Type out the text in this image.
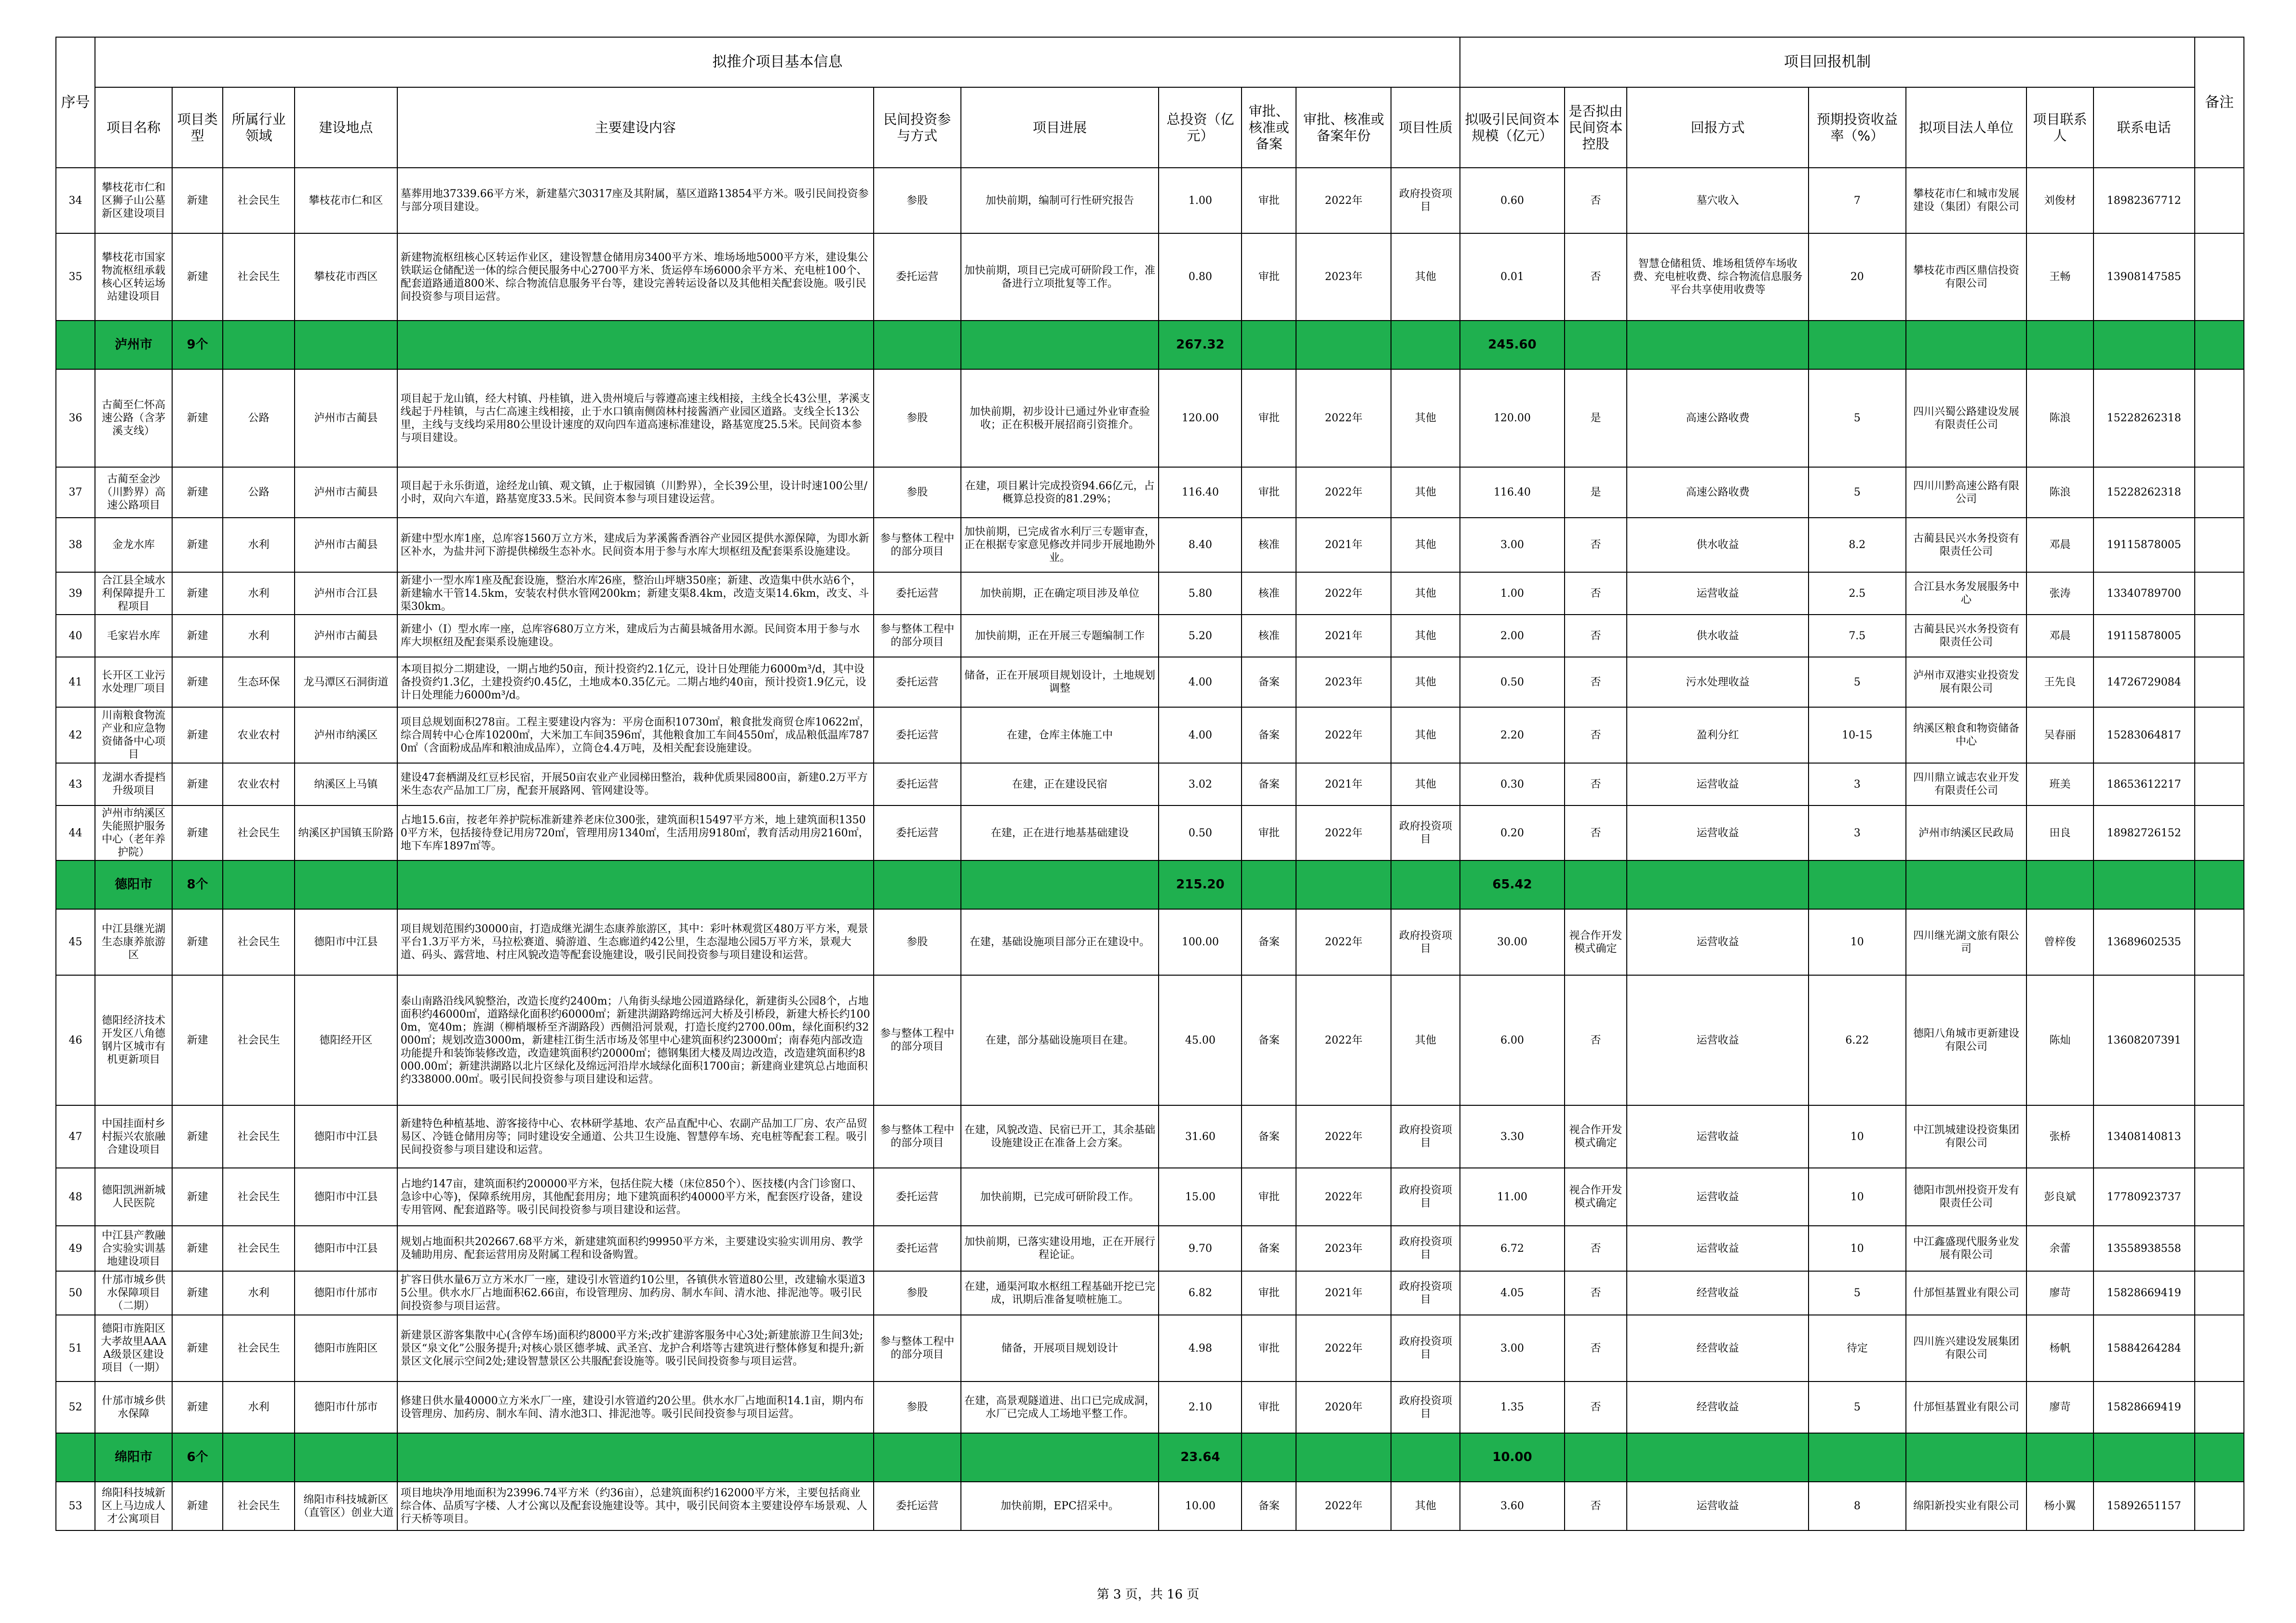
序号	拟推介项目基本信息											项目回报机制							备注
	项目名称	项目类型	所属行业领域	建设地点	主要建设内容	民间投资参与方式	项目进展	总投资（亿元）	审批、核准或备案	审批、核准或备案年份	项目性质	拟吸引民间资本规模（亿元）	是否拟由民间资本控股	回报方式	预期投资收益率（%）	拟项目法人单位	项目联系人	联系电话	
34	攀枝花市仁和区狮子山公墓新区建设项目	新建	社会民生	攀枝花市仁和区	墓葬用地37339.66平方米，新建墓穴30317座及其附属，墓区道路13854平方米。吸引民间投资参与部分项目建设。	参股	加快前期，编制可行性研究报告	1.00	审批	2022年	政府投资项目	0.60	否	墓穴收入	7	攀枝花市仁和城市发展建设（集团）有限公司	刘俊材	18982367712	
35	攀枝花市国家物流枢纽承载核心区转运场站建设项目	新建	社会民生	攀枝花市西区	新建物流枢纽核心区转运作业区，建设智慧仓储用房3400平方米、堆场场地5000平方米，建设集公铁联运仓储配送一体的综合便民服务中心2700平方米、货运停车场6000余平方米、充电桩100个、配套道路通道800米、综合物流信息服务平台等，建设完善转运设备以及其他相关配套设施。吸引民间投资参与项目运营。	委托运营	加快前期，项目已完成可研阶段工作，准备进行立项批复等工作。	0.80	审批	2023年	其他	0.01	否	智慧仓储租赁、堆场租赁停车场收费、充电桩收费、综合物流信息服务平台共享使用收费等	20	攀枝花市西区鼎信投资有限公司	王畅	13908147585	
	泸州市	9个						267.32				245.60							
36	古蔺至仁怀高速公路（含茅溪支线）	新建	公路	泸州市古蔺县	项目起于龙山镇，经大村镇、丹桂镇，进入贵州境后与蓉遵高速主线相接，主线全长43公里，茅溪支线起于丹桂镇，与古仁高速主线相接，止于水口镇南侧茵林村接酱酒产业园区道路。支线全长13公里，主线与支线均采用80公里设计速度的双向四车道高速标准建设，路基宽度25.5米。民间资本参与项目建设。	参股	加快前期，初步设计已通过外业审查验收；正在积极开展招商引资推介。	120.00	审批	2022年	其他	120.00	是	高速公路收费	5	四川兴蜀公路建设发展有限责任公司	陈浪	15228262318	
37	古蔺至金沙（川黔界）高速公路项目	新建	公路	泸州市古蔺县	项目起于永乐街道，途经龙山镇、观文镇，止于椒园镇（川黔界），全长39公里，设计时速100公里/小时，双向六车道，路基宽度33.5米。民间资本参与项目建设运营。	参股	在建，项目累计完成投资94.66亿元，占概算总投资的81.29%；	116.40	审批	2022年	其他	116.40	是	高速公路收费	5	四川川黔高速公路有限公司	陈浪	15228262318	
38	金龙水库	新建	水利	泸州市古蔺县	新建中型水库1座，总库容1560万立方米，建成后为茅溪酱香酒谷产业园区提供水源保障，为即水新区补水，为盐井河下游提供梯级生态补水。民间资本用于参与水库大坝枢纽及配套渠系设施建设。	参与整体工程中的部分项目	加快前期，已完成省水利厅三专题审查，正在根据专家意见修改并同步开展地勘外业。	8.40	核准	2021年	其他	3.00	否	供水收益	8.2	古蔺县民兴水务投资有限责任公司	邓晨	19115878005	
39	合江县全域水利保障提升工程项目	新建	水利	泸州市合江县	新建小一型水库1座及配套设施，整治水库26座，整治山坪塘350座；新建、改造集中供水站6个，新建输水干管14.5km，安装农村供水管网200km；新建支渠8.4km，改造支渠14.6km，改支、斗渠30km。	委托运营	加快前期，正在确定项目涉及单位	5.80	核准	2022年	其他	1.00	否	运营收益	2.5	合江县水务发展服务中心	张涛	13340789700	
40	毛家岩水库	新建	水利	泸州市古蔺县	新建小（Ⅰ）型水库一座，总库容680万立方米，建成后为古蔺县城备用水源。民间资本用于参与水库大坝枢纽及配套渠系设施建设。	参与整体工程中的部分项目	加快前期，正在开展三专题编制工作	5.20	核准	2021年	其他	2.00	否	供水收益	7.5	古蔺县民兴水务投资有限责任公司	邓晨	19115878005	
41	长开区工业污水处理厂项目	新建	生态环保	龙马潭区石洞街道	本项目拟分二期建设，一期占地约50亩，预计投资约2.1亿元，设计日处理能力6000m³/d，其中设备投资约1.3亿，土建投资约0.45亿，土地成本0.35亿元。二期占地约40亩，预计投资1.9亿元，设计日处理能力6000m³/d。	委托运营	储备，正在开展项目规划设计，土地规划调整	4.00	备案	2023年	其他	0.50	否	污水处理收益	5	泸州市双港实业投资发展有限公司	王先良	14726729084	
42	川南粮食物流产业和应急物资储备中心项目	新建	农业农村	泸州市纳溪区	项目总规划面积278亩。工程主要建设内容为：平房仓面积10730㎡，粮食批发商贸仓库10622㎡，综合周转中心仓库10200㎡，大米加工车间3596㎡，其他粮食加工车间4550㎡，成品粮低温库7870㎡（含面粉成品库和粮油成品库），立筒仓4.4万吨，及相关配套设施建设。	委托运营	在建，仓库主体施工中	4.00	备案	2022年	其他	2.20	否	盈利分红	10-15	纳溪区粮食和物资储备中心	吴春丽	15283064817	
43	龙湖水香提档升级项目	新建	农业农村	纳溪区上马镇	建设47套栖湖及红豆杉民宿，开展50亩农业产业园梯田整治，栽种优质果园800亩，新建0.2万平方米生态农产品加工厂房，配套开展路网、管网建设等。	委托运营	在建，正在建设民宿	3.02	备案	2021年	其他	0.30	否	运营收益	3	四川鼎立诚志农业开发有限责任公司	班美	18653612217	
44	泸州市纳溪区失能照护服务中心（老年养护院）	新建	社会民生	纳溪区护国镇玉阶路	占地15.6亩，按老年养护院标准新建养老床位300张，建筑面积15497平方米，地上建筑面积13500平方米，包括接待登记用房720㎡，管理用房1340㎡，生活用房9180㎡，教育活动用房2160㎡，地下车库1897㎡等。	委托运营	在建，正在进行地基基础建设	0.50	审批	2022年	政府投资项目	0.20	否	运营收益	3	泸州市纳溪区民政局	田良	18982726152	
	德阳市	8个						215.20				65.42							
45	中江县继光湖生态康养旅游区	新建	社会民生	德阳市中江县	项目规划范围约30000亩，打造成继光湖生态康养旅游区，其中：彩叶林观赏区480万平方米，观景平台1.3万平方米，马拉松赛道、骑游道、生态廊道约42公里，生态湿地公园5万平方米，景观大道、码头、露营地、村庄风貌改造等配套设施建设，吸引民间投资参与项目建设和运营。	参股	在建，基础设施项目部分正在建设中。	100.00	备案	2022年	政府投资项目	30.00	视合作开发模式确定	运营收益	10	四川继光湖文旅有限公司	曾梓俊	13689602535	
46	德阳经济技术开发区八角德钢片区城市有机更新项目	新建	社会民生	德阳经开区	泰山南路沿线风貌整治，改造长度约2400m；八角街头绿地公园道路绿化，新建街头公园8个，占地面积约46000㎡，道路绿化面积约60000㎡；新建洪湖路跨绵远河大桥及引桥段，新建大桥长约1000m，宽40m；旌湖（柳梢堰桥至齐湖路段）西侧沿河景观，打造长度约2700.00m，绿化面积约32000㎡；规划改造3000m，新建桂江街生活市场及邻里中心建筑面积约23000㎡；南春苑内部改造功能提升和装饰装修改造，改造建筑面积约20000㎡；德钢集团大楼及周边改造，改造建筑面积约8000.00㎡；新建洪湖路以北片区绿化及绵远河沿岸水域绿化面积1700亩；新建商业建筑总占地面积约338000.00㎡。吸引民间投资参与项目建设和运营。	参与整体工程中的部分项目	在建，部分基础设施项目在建。	45.00	备案	2022年	其他	6.00	否	运营收益	6.22	德阳八角城市更新建设有限公司	陈灿	13608207391	
47	中国挂面村乡村振兴农旅融合建设项目	新建	社会民生	德阳市中江县	新建特色种植基地、游客接待中心、农林研学基地、农产品直配中心、农副产品加工厂房、农产品贸易区、冷链仓储用房等；同时建设安全通道、公共卫生设施、智慧停车场、充电桩等配套工程。吸引民间投资参与项目建设和运营。	参与整体工程中的部分项目	在建，风貌改造、民宿已开工，其余基础设施建设正在准备上会方案。	31.60	备案	2022年	政府投资项目	3.30	视合作开发模式确定	运营收益	10	中江凯城建设投资集团有限公司	张桥	13408140813	
48	德阳凯洲新城人民医院	新建	社会民生	德阳市中江县	占地约147亩，建筑面积约200000平方米，包括住院大楼（床位850个）、医技楼(内含门诊窗口、急诊中心等)，保障系统用房，其他配套用房；地下建筑面积约40000平方米，配套医疗设备，建设专用管网、配套道路等。吸引民间投资参与项目建设和运营。	委托运营	加快前期，已完成可研阶段工作。	15.00	审批	2022年	政府投资项目	11.00	视合作开发模式确定	运营收益	10	德阳市凯州投资开发有限责任公司	彭良斌	17780923737	
49	中江县产教融合实验实训基地建设项目	新建	社会民生	德阳市中江县	规划占地面积共202667.68平方米，新建建筑面积约99950平方米，主要建设实验实训用房、教学及辅助用房、配套运营用房及附属工程和设备购置。	委托运营	加快前期，已落实建设用地，正在开展行程论证。	9.70	备案	2023年	政府投资项目	6.72	否	运营收益	10	中江鑫盛现代服务业发展有限公司	余蕾	13558938558	
50	什邡市城乡供水保障项目（二期）	新建	水利	德阳市什邡市	扩容日供水量6万立方米水厂一座，建设引水管道约10公里，各镇供水管道80公里，改建输水渠道35公里。供水水厂占地面积62.66亩，布设管理房、加药房、制水车间、清水池、排泥池等。吸引民间投资参与项目运营。	参股	在建，通渠河取水枢纽工程基础开挖已完成，讯期后准备复喷桩施工。	6.82	审批	2021年	政府投资项目	4.05	否	经营收益	5	什邡恒基置业有限公司	廖苛	15828669419	
51	德阳市旌阳区大孝故里AAAA级景区建设项目（一期）	新建	社会民生	德阳市旌阳区	新建景区游客集散中心(含停车场)面积约8000平方米;改扩建游客服务中心3处;新建旅游卫生间3处;景区“泉文化”公服务提升;对核心景区德孝城、武圣宫、龙护合利塔等古建筑进行整体修复和提升;新景区文化展示空间2处;建设智慧景区公共服配套设施等。吸引民间投资参与项目运营。	参与整体工程中的部分项目	储备，开展项目规划设计	4.98	审批	2022年	政府投资项目	3.00	否	经营收益	待定	四川旌兴建设发展集团有限公司	杨帆	15884264284	
52	什邡市城乡供水保障	新建	水利	德阳市什邡市	修建日供水量40000立方米水厂一座，建设引水管道约20公里。供水水厂占地面积14.1亩，期内布设管理房、加药房、制水车间、清水池3口、排泥池等。吸引民间投资参与项目运营。	参股	在建，高景观隧道进、出口已完成成洞，水厂已完成人工场地平整工作。	2.10	审批	2020年	政府投资项目	1.35	否	经营收益	5	什邡恒基置业有限公司	廖苛	15828669419	
	绵阳市	6个						23.64				10.00							
53	绵阳科技城新区上马边成人才公寓项目	新建	社会民生	绵阳市科技城新区（直管区）创业大道	项目地块净用地面积为23996.74平方米（约36亩），总建筑面积约162000平方米，主要包括商业综合体、品质写字楼、人才公寓以及配套设施建设等。其中，吸引民间资本主要建设停车场景观、人行天桥等项目。	委托运营	加快前期，EPC招采中。	10.00	备案	2022年	其他	3.60	否	运营收益	8	绵阳新投实业有限公司	杨小翼	15892651157	
第 3 页，共 16 页
